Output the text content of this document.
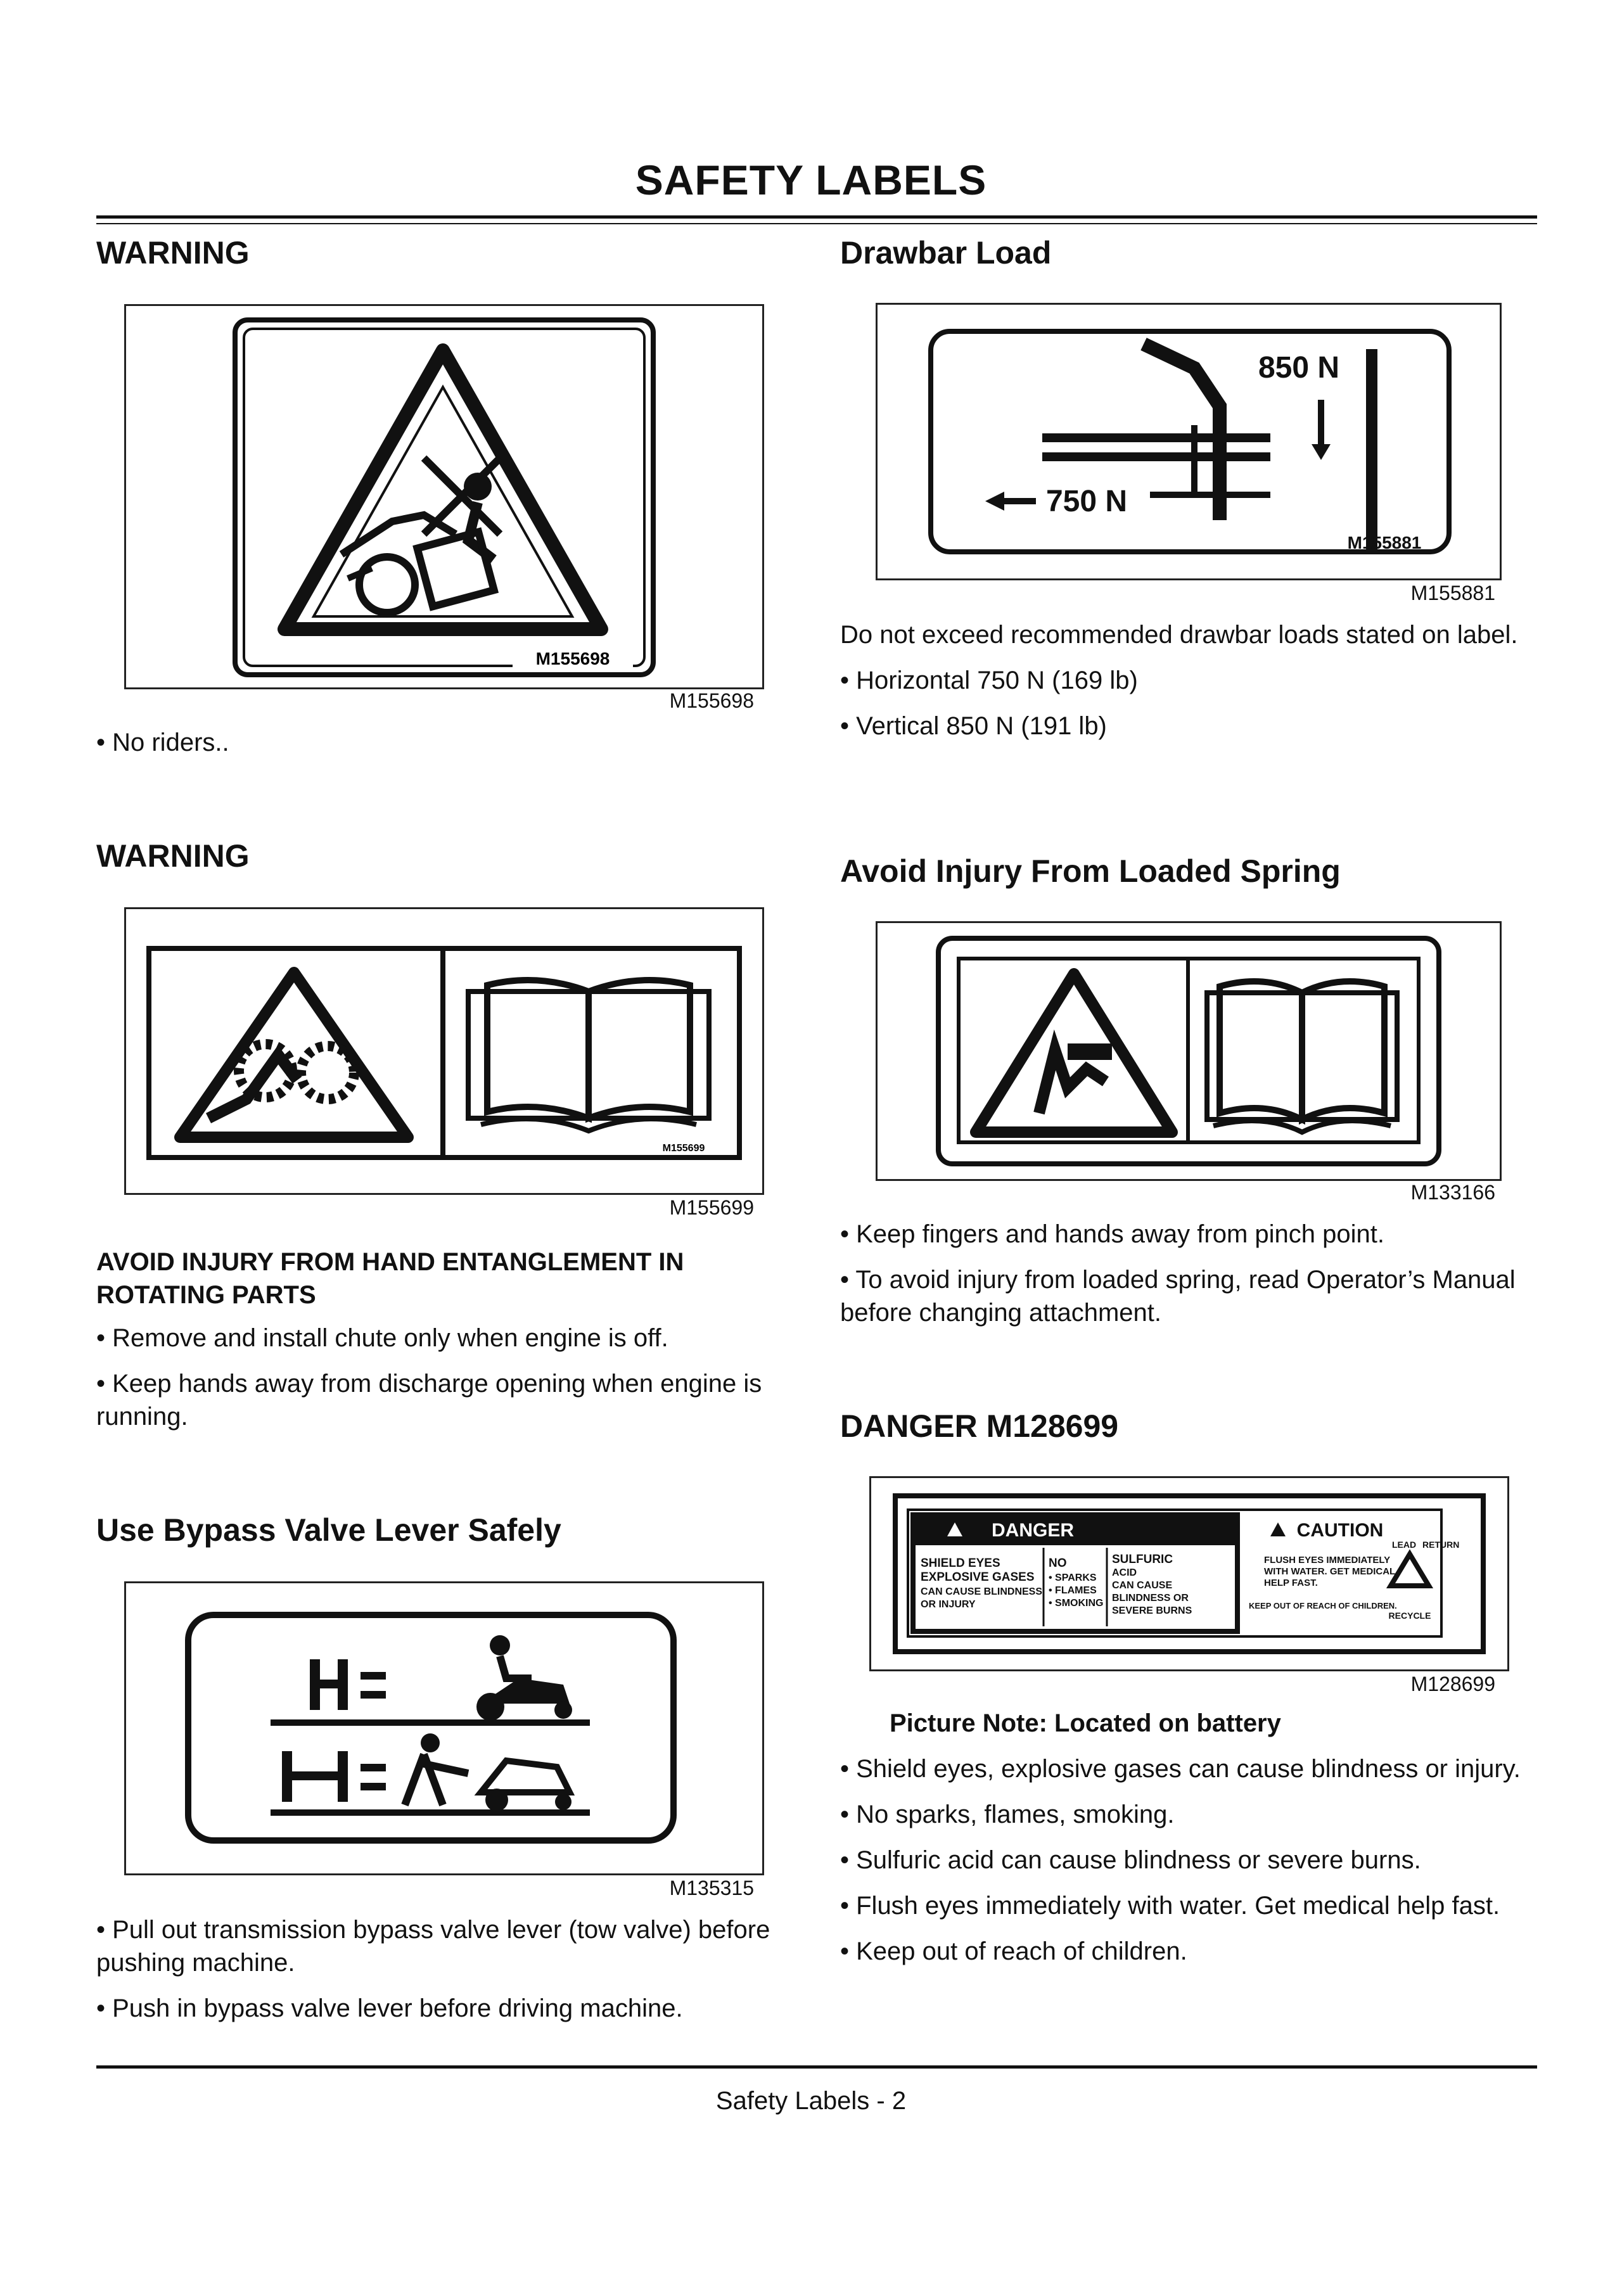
SAFETY LABELS
WARNING
M155698
M155698
• No riders..
WARNING
M155699
M155699
AVOID INJURY FROM HAND ENTANGLEMENT IN ROTATING PARTS
• Remove and install chute only when engine is off.
• Keep hands away from discharge opening when engine is running.
Use Bypass Valve Lever Safely
M135315
• Pull out transmission bypass valve lever (tow valve) before pushing machine.
• Push in bypass valve lever before driving machine.
Drawbar Load
850 N
750 N
M155881
M155881
Do not exceed recommended drawbar loads stated on label.
• Horizontal 750 N (169 lb)
• Vertical 850 N (191 lb)
Avoid Injury From Loaded Spring
M133166
• Keep fingers and hands away from pinch point.
• To avoid injury from loaded spring, read Operator’s Manual before changing attachment.
DANGER M128699
DANGER
SHIELD EYES
EXPLOSIVE GASES
CAN CAUSE BLINDNESS
OR INJURY
NO
• SPARKS
• FLAMES
• SMOKING
SULFURIC
ACID
CAN CAUSE
BLINDNESS OR
SEVERE BURNS
CAUTION
FLUSH EYES IMMEDIATELY
WITH WATER. GET MEDICAL
HELP FAST.
KEEP OUT OF REACH OF CHILDREN.
LEAD RETURN
RECYCLE
M128699
Picture Note: Located on battery
• Shield eyes, explosive gases can cause blindness or injury.
• No sparks, flames, smoking.
• Sulfuric acid can cause blindness or severe burns.
• Flush eyes immediately with water. Get medical help fast.
• Keep out of reach of children.
Safety Labels - 2
